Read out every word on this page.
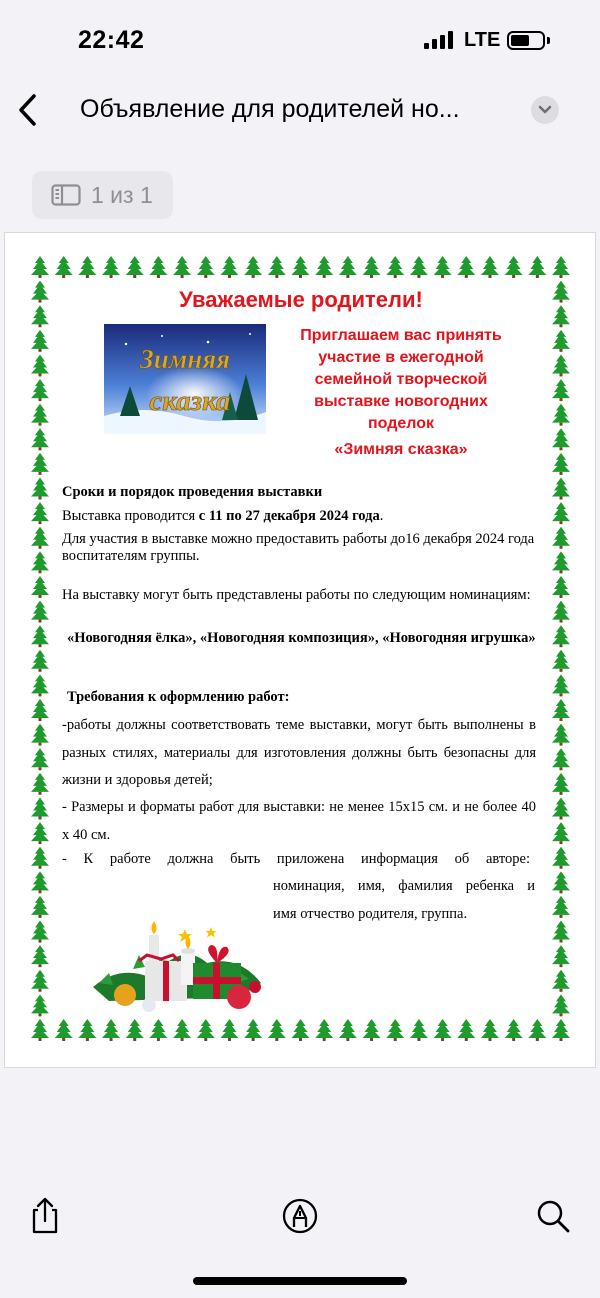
22:42	LTE
Объявление для родителей но...
1 из 1
Уважаемые родители!
Зимняя
сказка
Приглашаем вас принять участие в ежегодной семейной творческой выставке новогодних поделок
«Зимняя сказка»
Сроки и порядок проведения выставки
Выставка проводится с 11 по 27 декабря 2024 года.
Для участия в выставке можно предоставить работы до16 декабря 2024 года воспитателям группы.
На выставку могут быть представлены работы по следующим номинациям:
«Новогодняя ёлка», «Новогодняя композиция», «Новогодняя игрушка»
Требования к оформлению работ:
-работы должны соответствовать теме выставки, могут быть выполнены в разных стилях, материалы для изготовления должны быть безопасны для жизни и здоровья детей;
- Размеры и форматы работ для выставки: не менее 15х15 см. и не более 40 х 40 см.
- К работе должна быть приложена информация об авторе:
номинация, имя, фамилия ребенка и
имя отчество родителя, группа.
